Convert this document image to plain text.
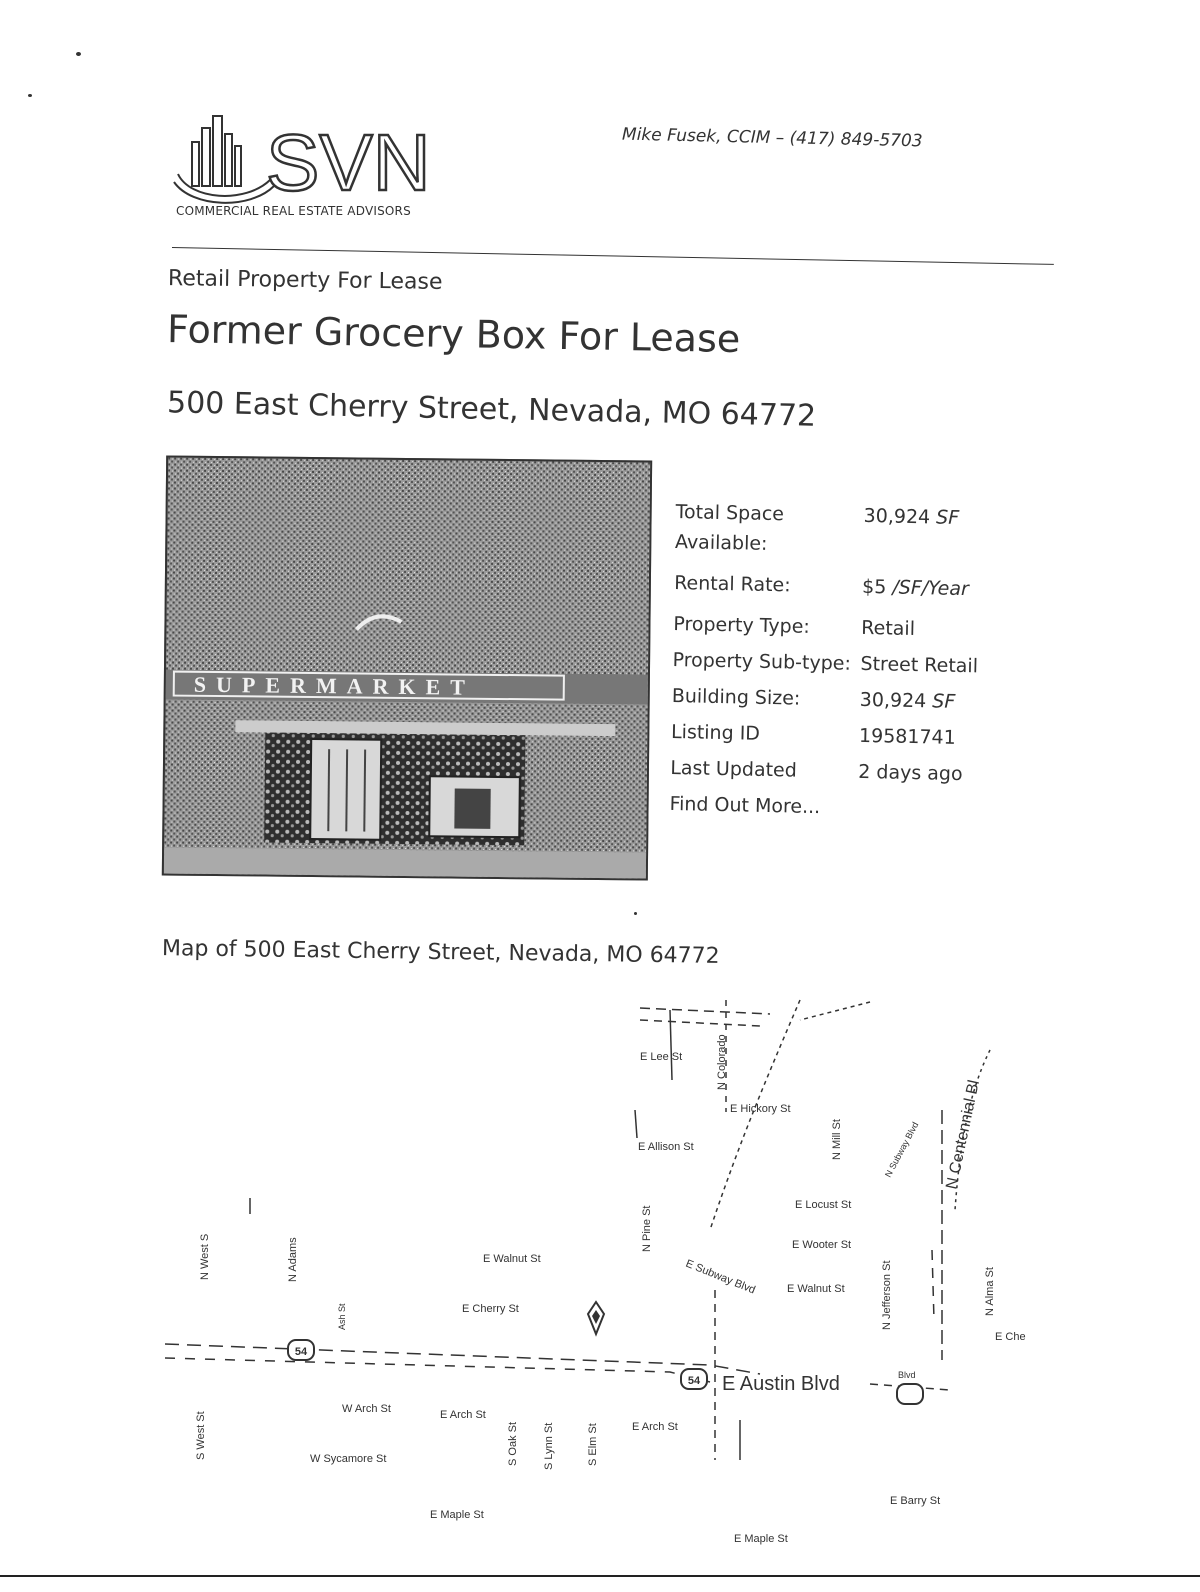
SVN
COMMERCIAL REAL ESTATE ADVISORS
Mike Fusek, CCIM – (417) 849-5703
Retail Property For Lease
Former Grocery Box For Lease
500 East Cherry Street, Nevada, MO 64772
SUPERMARKET
Total Space Available:
30,924 SF
Rental Rate:	$5 /SF/Year
Property Type:	Retail
Property Sub-type: Street Retail
Building Size:	30,924 SF
Listing ID	19581741
Last Updated	2 days ago
Find Out More...
Map of 500 East Cherry Street, Nevada, MO 64772
54
54
E Lee St	N Colorado
E Hickory St
E Allison St	N Mill St	N Subway Blvd N Centennial Bl
E Locust St
N Pine St
N West S	N Adams	E Walnut St	E Subway Blvd	E Walnut St
E Wooter St
N Jefferson St	N Alma St
Ash St	E Cherry St
E Che
E Austin Blvd	Blvd
S West St
W Arch St	E Arch St
S Oak St S Lynn St	S Elm St	E Arch St
W Sycamore St
E Maple St
E Maple St
E Barry St
